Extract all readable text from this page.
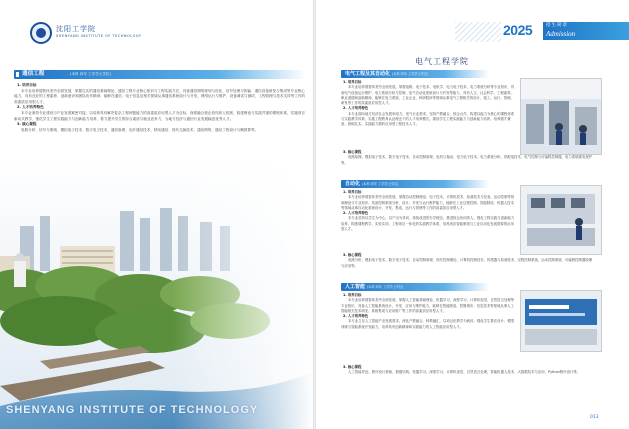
沈阳工学院
SHENYANG INSTITUTE OF TECHNOLOGY
通信工程	(本科 四年 工学学士学位)

1. 培养目标

本专业培养德智体美劳全面发展，掌握扎实的通信基础理论、通信工程专业核心知识与工程实践方法，具备通信网络规划与优化、信号处理与传输、通信设备研发与集成等专业核心能力，具有良好的工程素养、创新意识和团队协作精神，能够在通信、电子信息及相关领域从事通信系统设计与开发、网络运行与维护、设备调试与测试、工程管理与技术支持等工作的高素质应用型人才。

2. 人才培养特色

本专业秉持专业建设与产业发展紧密对接，以培养具有解决复杂工程问题能力的高素质应用型人才为目标，深度融合校企协同育人机制，构建理论与实践并重的课程体系，实施项目驱动式教学，强化学生工程实践能力与创新能力培养，着力提升学生的综合素质与就业竞争力，为地方经济与通信行业发展输送优秀人才。

3. 核心课程

电路分析、信号与系统、模拟电子技术、数字电子技术、通信原理、光纤通信技术、移动通信、现代交换技术、通信网络、通信工程设计与概预算等。

SHENYANG INSTITUTE OF TECHNOLOGY
2025	招生简章
Admission
电气工程学院
电气工程及其自动化 (本科 四年 工学学士学位)

1. 培养目标

本专业培养德智体美劳全面发展，掌握电路、电子技术、电机学、电力电子技术、电力系统分析等专业知识，具备电气设备运行维护、电力系统分析与控制、电气自动化系统设计与开发等能力，具有人文、社会科学、工程素养、职业道德和创新精神，能够在电力系统、工业企业、科研院所等领域从事电气工程相关的设计、施工、运行、管理、研发等工作的高素质应用型人才。

2. 人才培养特色

本专业面向地方经济社会发展和电力、电气行业需求，坚持产教融合、校企合作，构建以能力为核心的课程体系与实践教学体系，实施工程教育认证理念下的人才培养模式，重视学生工程实践能力与创新能力培养，培养德才兼备、基础扎实、实践能力强的应用型工程技术人才。

3. 核心课程

电路原理、模拟电子技术、数字电子技术、自动控制原理、电机与拖动、电力电子技术、电力系统分析、供配电技术、电气控制与可编程控制器、电力系统继电保护等。

自动化 (本科 四年 工学学士学位)

1. 培养目标

本专业培养德智体美劳全面发展，掌握自动控制理论、电子技术、计算机技术、检测技术与仪表、运动控制等基础理论与专业知识，具备控制系统分析、设计、开发与运行维护能力，能够在工业过程控制、智能制造、机器人技术等领域从事自动化系统设计、开发、集成、运行与管理等工作的高素质应用型人才。

2. 人才培养特色

本专业坚持以学生为中心、以产出为导向、持续改进的办学理念，推进校企协同育人，强化工程实践与创新能力培养，构建课程教学、实验实训、工程项目一体化的实践教学体系，培养适应智能制造与工业自动化发展需要的应用型人才。

3. 核心课程

电路分析、模拟电子技术、数字电子技术、自动控制原理、现代控制理论、计算机控制技术、传感器与检测技术、过程控制系统、运动控制系统、可编程控制器原理与应用等。

人工智能 (本科 四年 工学学士学位)

1. 培养目标

本专业培养德智体美劳全面发展，掌握人工智能基础理论、机器学习、深度学习、计算机视觉、自然语言处理等专业知识，具备人工智能系统设计、开发、应用与维护能力，能够在智能制造、智慧城市、信息技术等领域从事人工智能相关技术研发、系统集成与应用推广等工作的高素质应用型人才。

2. 人才培养特色

本专业立足人工智能产业发展需求，深化产教融合、科教融汇，以项目化教学为载体，强化学生算法设计、模型训练与智能系统开发能力，培养具有创新精神和实践能力的人工智能应用型人才。

3. 核心课程

人工智能导论、程序设计基础、数据结构、机器学习、深度学习、计算机视觉、自然语言处理、智能机器人技术、大数据技术与应用、Python程序设计等。

013
